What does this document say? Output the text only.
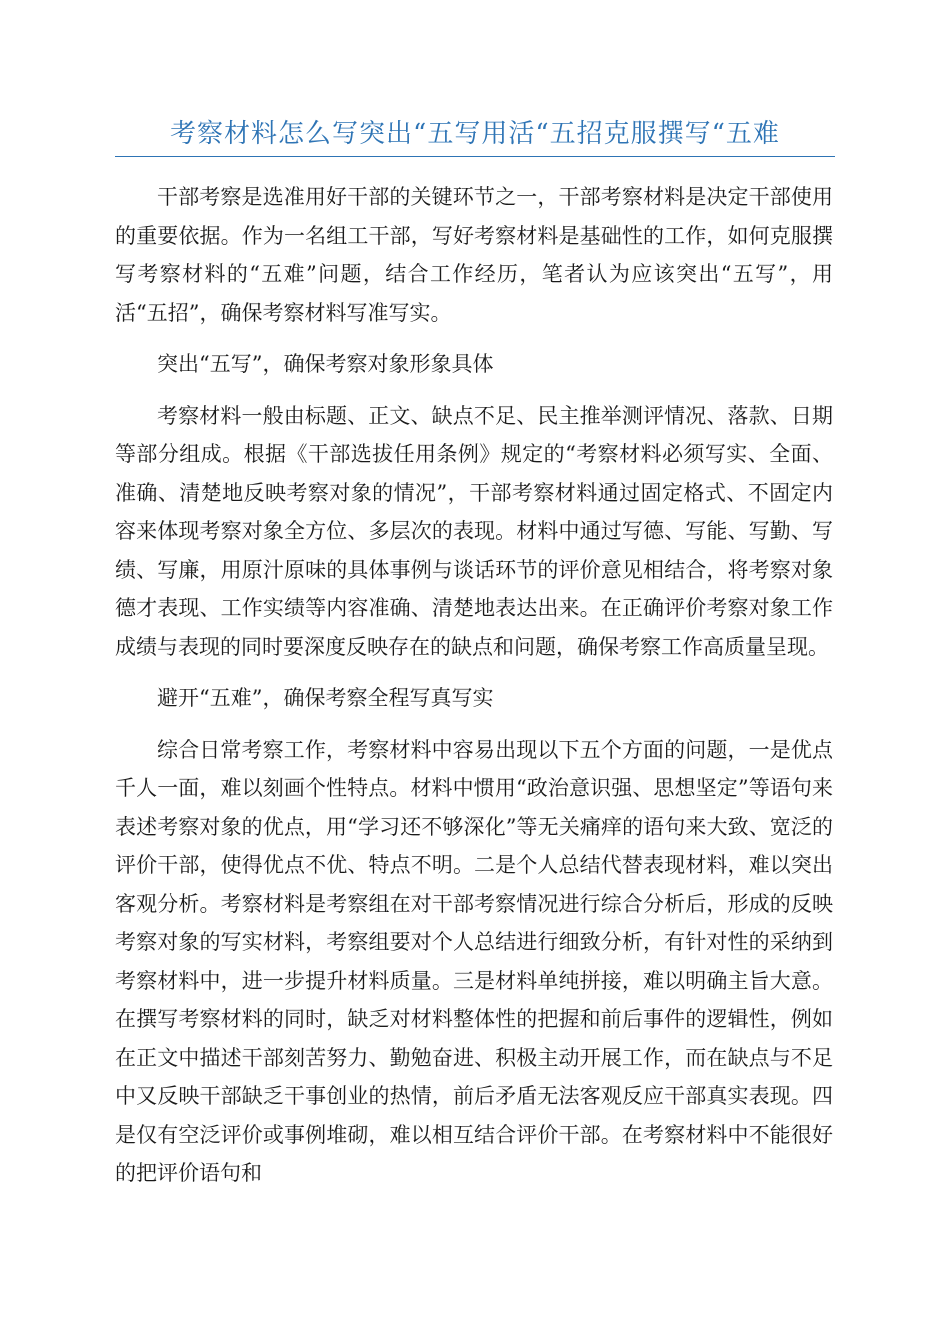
考察材料怎么写突出“五写用活“五招克服撰写“五难

干部考察是选准用好干部的关键环节之一，干部考察材料是决定干部使用的重要依据。作为一名组工干部，写好考察材料是基础性的工作，如何克服撰写考察材料的“五难”问题，结合工作经历，笔者认为应该突出“五写”，用活“五招”，确保考察材料写准写实。

突出“五写”，确保考察对象形象具体

考察材料一般由标题、正文、缺点不足、民主推举测评情况、落款、日期等部分组成。根据《干部选拔任用条例》规定的“考察材料必须写实、全面、准确、清楚地反映考察对象的情况”，干部考察材料通过固定格式、不固定内容来体现考察对象全方位、多层次的表现。材料中通过写德、写能、写勤、写绩、写廉，用原汁原味的具体事例与谈话环节的评价意见相结合，将考察对象德才表现、工作实绩等内容准确、清楚地表达出来。在正确评价考察对象工作成绩与表现的同时要深度反映存在的缺点和问题，确保考察工作高质量呈现。

避开“五难”，确保考察全程写真写实

综合日常考察工作，考察材料中容易出现以下五个方面的问题，一是优点千人一面，难以刻画个性特点。材料中惯用“政治意识强、思想坚定”等语句来表述考察对象的优点，用“学习还不够深化”等无关痛痒的语句来大致、宽泛的评价干部，使得优点不优、特点不明。二是个人总结代替表现材料，难以突出客观分析。考察材料是考察组在对干部考察情况进行综合分析后，形成的反映考察对象的写实材料，考察组要对个人总结进行细致分析，有针对性的采纳到考察材料中，进一步提升材料质量。三是材料单纯拼接，难以明确主旨大意。在撰写考察材料的同时，缺乏对材料整体性的把握和前后事件的逻辑性，例如在正文中描述干部刻苦努力、勤勉奋进、积极主动开展工作，而在缺点与不足中又反映干部缺乏干事创业的热情，前后矛盾无法客观反应干部真实表现。四是仅有空泛评价或事例堆砌，难以相互结合评价干部。在考察材料中不能很好的把评价语句和
